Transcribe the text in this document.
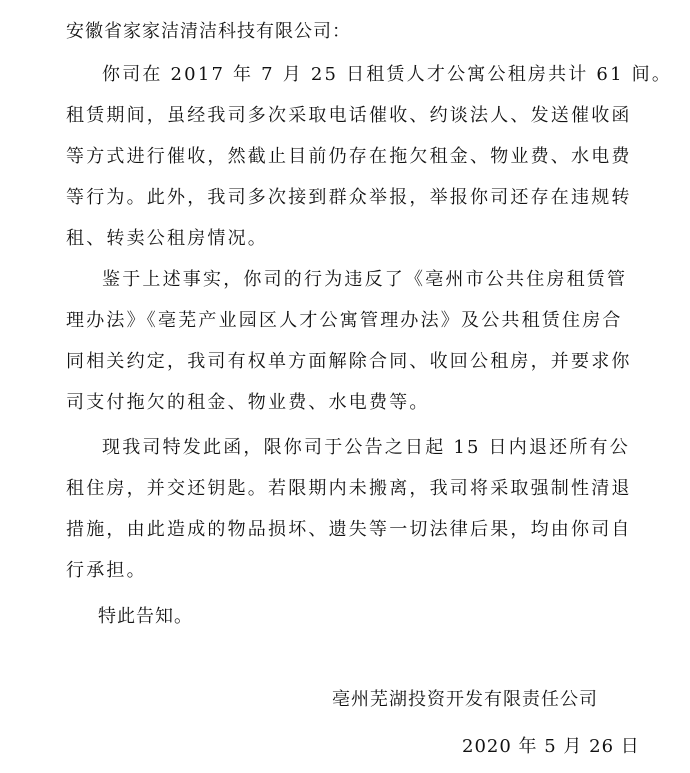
安徽省家家洁清洁科技有限公司：
你司在 2017 年 7 月 25 日租赁人才公寓公租房共计 61 间。
租赁期间，虽经我司多次采取电话催收、约谈法人、发送催收函
等方式进行催收，然截止目前仍存在拖欠租金、物业费、水电费
等行为。此外，我司多次接到群众举报，举报你司还存在违规转
租、转卖公租房情况。
鉴于上述事实，你司的行为违反了《亳州市公共住房租赁管
理办法》《亳芜产业园区人才公寓管理办法》及公共租赁住房合
同相关约定，我司有权单方面解除合同、收回公租房，并要求你
司支付拖欠的租金、物业费、水电费等。
现我司特发此函，限你司于公告之日起 15 日内退还所有公
租住房，并交还钥匙。若限期内未搬离，我司将采取强制性清退
措施，由此造成的物品损坏、遗失等一切法律后果，均由你司自
行承担。
特此告知。
亳州芜湖投资开发有限责任公司
2020 年 5 月 26 日
